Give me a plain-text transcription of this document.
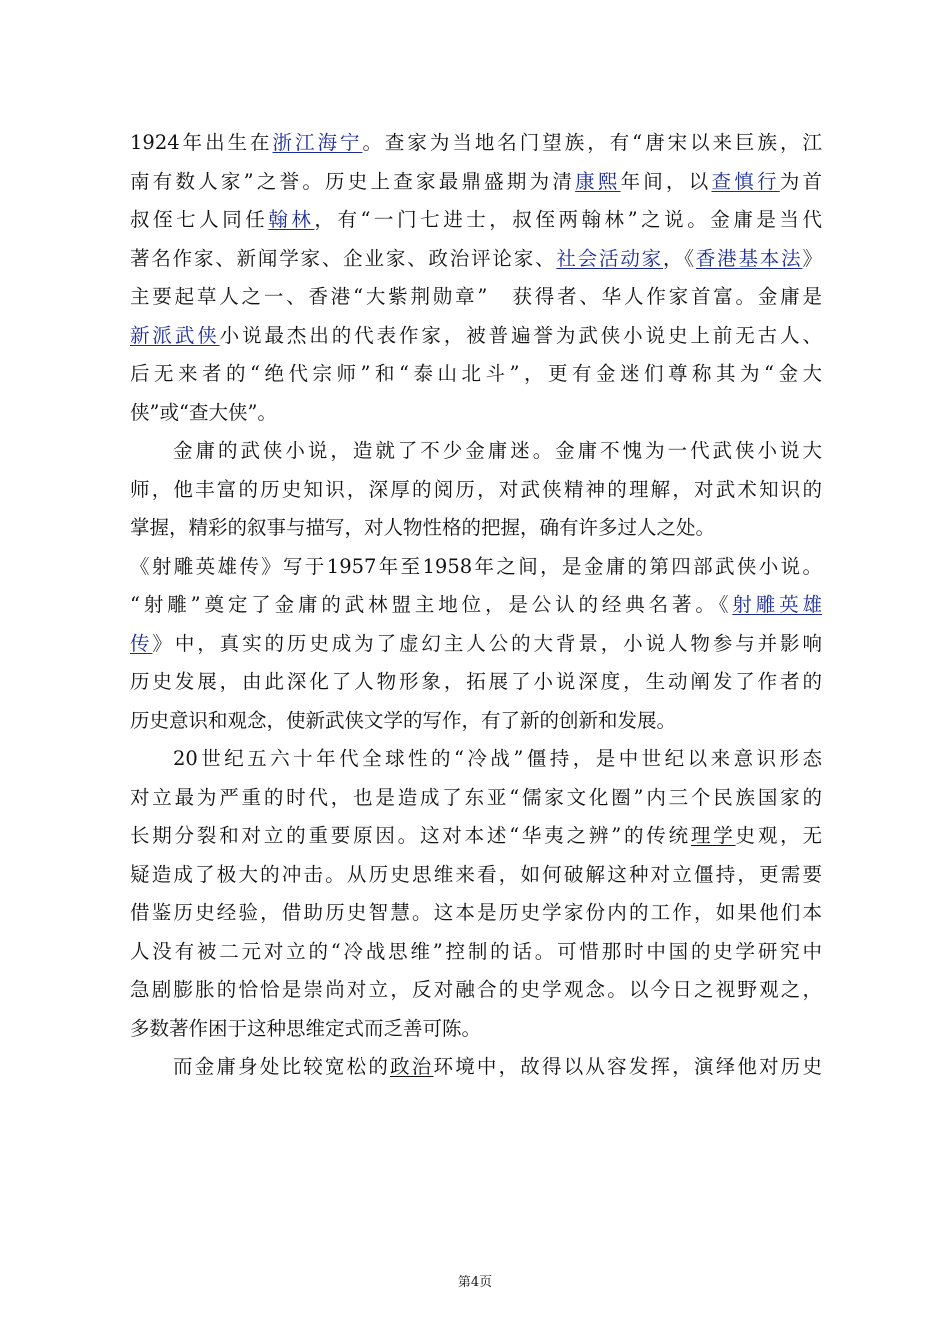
1924年出生在浙江海宁。查家为当地名门望族，有“唐宋以来巨族，江
南有数人家”之誉。历史上查家最鼎盛期为清康熙年间，以查慎行为首
叔侄七人同任翰林，有“一门七进士，叔侄两翰林”之说。金庸是当代
著名作家、新闻学家、企业家、政治评论家、社会活动家，《香港基本法》
主要起草人之一、香港“大紫荆勋章”　获得者、华人作家首富。金庸是
新派武侠小说最杰出的代表作家，被普遍誉为武侠小说史上前无古人、
后无来者的“绝代宗师”和“泰山北斗”，更有金迷们尊称其为“金大
侠”或“查大侠”。
金庸的武侠小说，造就了不少金庸迷。金庸不愧为一代武侠小说大
师，他丰富的历史知识，深厚的阅历，对武侠精神的理解，对武术知识的
掌握，精彩的叙事与描写，对人物性格的把握，确有许多过人之处。
《射雕英雄传》写于1957年至1958年之间，是金庸的第四部武侠小说。
“射雕”奠定了金庸的武林盟主地位，是公认的经典名著。《射雕英雄
传》中，真实的历史成为了虚幻主人公的大背景，小说人物参与并影响
历史发展，由此深化了人物形象，拓展了小说深度，生动阐发了作者的
历史意识和观念，使新武侠文学的写作，有了新的创新和发展。
20世纪五六十年代全球性的“冷战”僵持，是中世纪以来意识形态
对立最为严重的时代，也是造成了东亚“儒家文化圈”内三个民族国家的
长期分裂和对立的重要原因。这对本述“华夷之辨”的传统理学史观，无
疑造成了极大的冲击。从历史思维来看，如何破解这种对立僵持，更需要
借鉴历史经验，借助历史智慧。这本是历史学家份内的工作，如果他们本
人没有被二元对立的“冷战思维”控制的话。可惜那时中国的史学研究中
急剧膨胀的恰恰是崇尚对立，反对融合的史学观念。以今日之视野观之，
多数著作困于这种思维定式而乏善可陈。
而金庸身处比较宽松的政治环境中，故得以从容发挥，演绎他对历史
第4页
